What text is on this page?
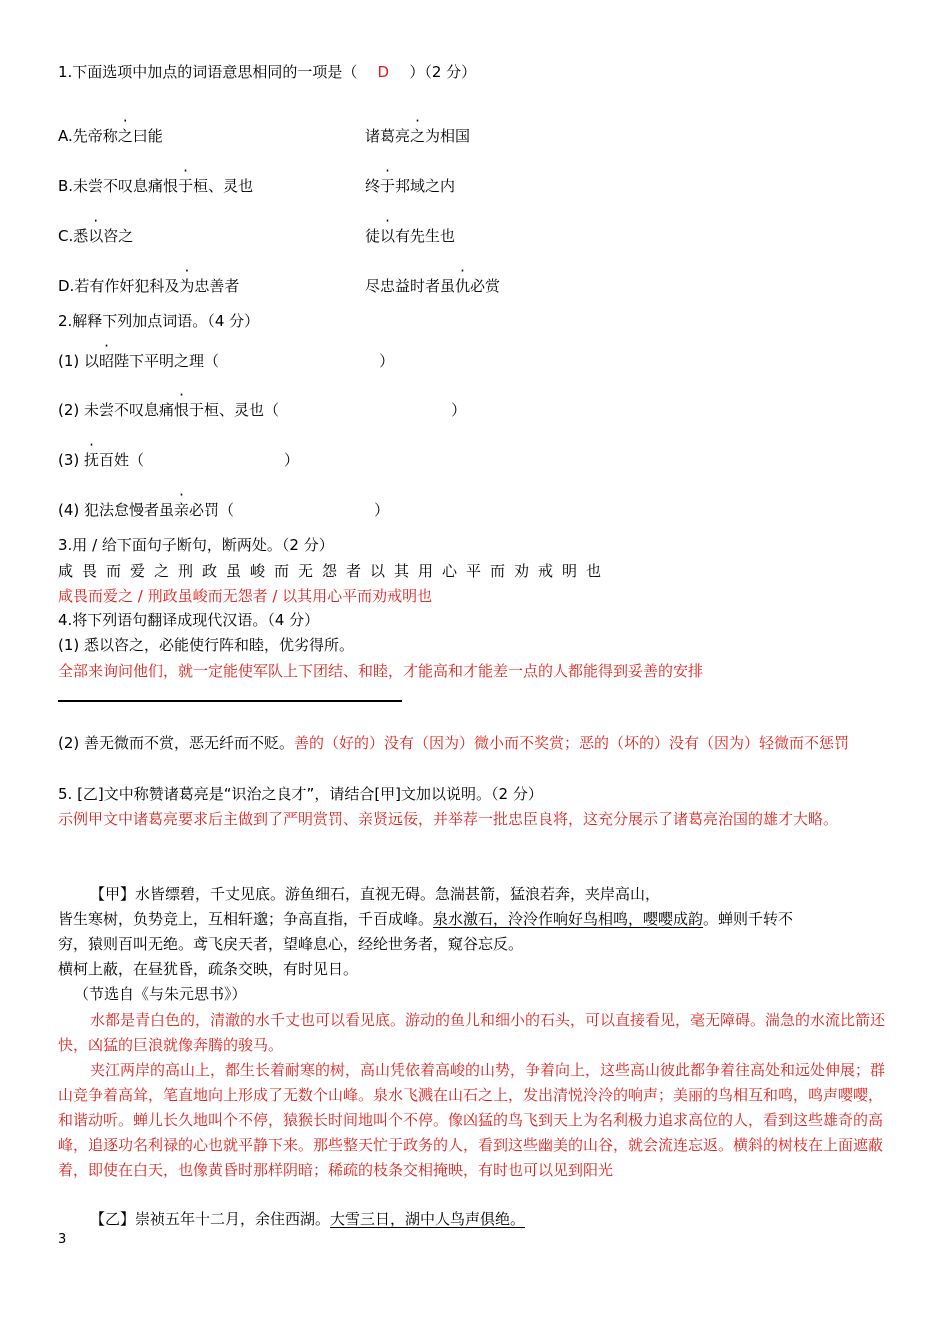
1.下面选项中加点的词语意思相同的一项是（ D ）（2 分）
A.先帝称之曰能	诸葛亮之为相国
B.未尝不叹息痛恨于桓、灵也	终于邦域之内
C.悉以咨之	徒以有先生也
D.若有作奸犯科及为忠善者	尽忠益时者虽仇必赏
2.解释下列加点词语。（4 分）
(1) 以昭陛下平明之理（	）
(2) 未尝不叹息痛恨于桓、灵也（	）
(3) 抚百姓（	）
(4) 犯法怠慢者虽亲必罚（	）
3.用 / 给下面句子断句，断两处。（2 分）
咸畏而爱之刑政虽峻而无怨者以其用心平而劝戒明也
咸畏而爱之 / 刑政虽峻而无怨者 / 以其用心平而劝戒明也
4.将下列语句翻译成现代汉语。（4 分）
(1) 悉以咨之，必能使行阵和睦，优劣得所。
全部来询问他们，就一定能使军队上下团结、和睦，才能高和才能差一点的人都能得到妥善的安排
(2) 善无微而不赏，恶无纤而不贬。善的（好的）没有（因为）微小而不奖赏；恶的（坏的）没有（因为）轻微而不惩罚
5. [乙]文中称赞诸葛亮是“识治之良才”，请结合[甲]文加以说明。（2 分）
示例甲文中诸葛亮要求后主做到了严明赏罚、亲贤远佞，并举荐一批忠臣良将，这充分展示了诸葛亮治国的雄才大略。
【甲】水皆缥碧，千丈见底。游鱼细石，直视无碍。急湍甚箭，猛浪若奔，夹岸高山，
皆生寒树，负势竞上，互相轩邈；争高直指，千百成峰。泉水激石，泠泠作响好鸟相鸣，嘤嘤成韵。蝉则千转不
穷，猿则百叫无绝。鸢飞戾天者，望峰息心，经纶世务者，窥谷忘反。
横柯上蔽，在昼犹昏，疏条交映，有时见日。
（节选自《与朱元思书》）
水都是青白色的，清澈的水千丈也可以看见底。游动的鱼儿和细小的石头，可以直接看见，毫无障碍。湍急的水流比箭还快，凶猛的巨浪就像奔腾的骏马。
夹江两岸的高山上，都生长着耐寒的树，高山凭依着高峻的山势，争着向上，这些高山彼此都争着往高处和远处伸展；群山竞争着高耸，笔直地向上形成了无数个山峰。泉水飞溅在山石之上，发出清悦泠泠的响声；美丽的鸟相互和鸣，鸣声嘤嘤，和谐动听。蝉儿长久地叫个不停，猿猴长时间地叫个不停。像凶猛的鸟飞到天上为名利极力追求高位的人，看到这些雄奇的高峰，追逐功名利禄的心也就平静下来。那些整天忙于政务的人，看到这些幽美的山谷，就会流连忘返。横斜的树枝在上面遮蔽着，即使在白天，也像黄昏时那样阴暗；稀疏的枝条交相掩映，有时也可以见到阳光
【乙】崇祯五年十二月，余住西湖。大雪三日，湖中人鸟声俱绝。
3
